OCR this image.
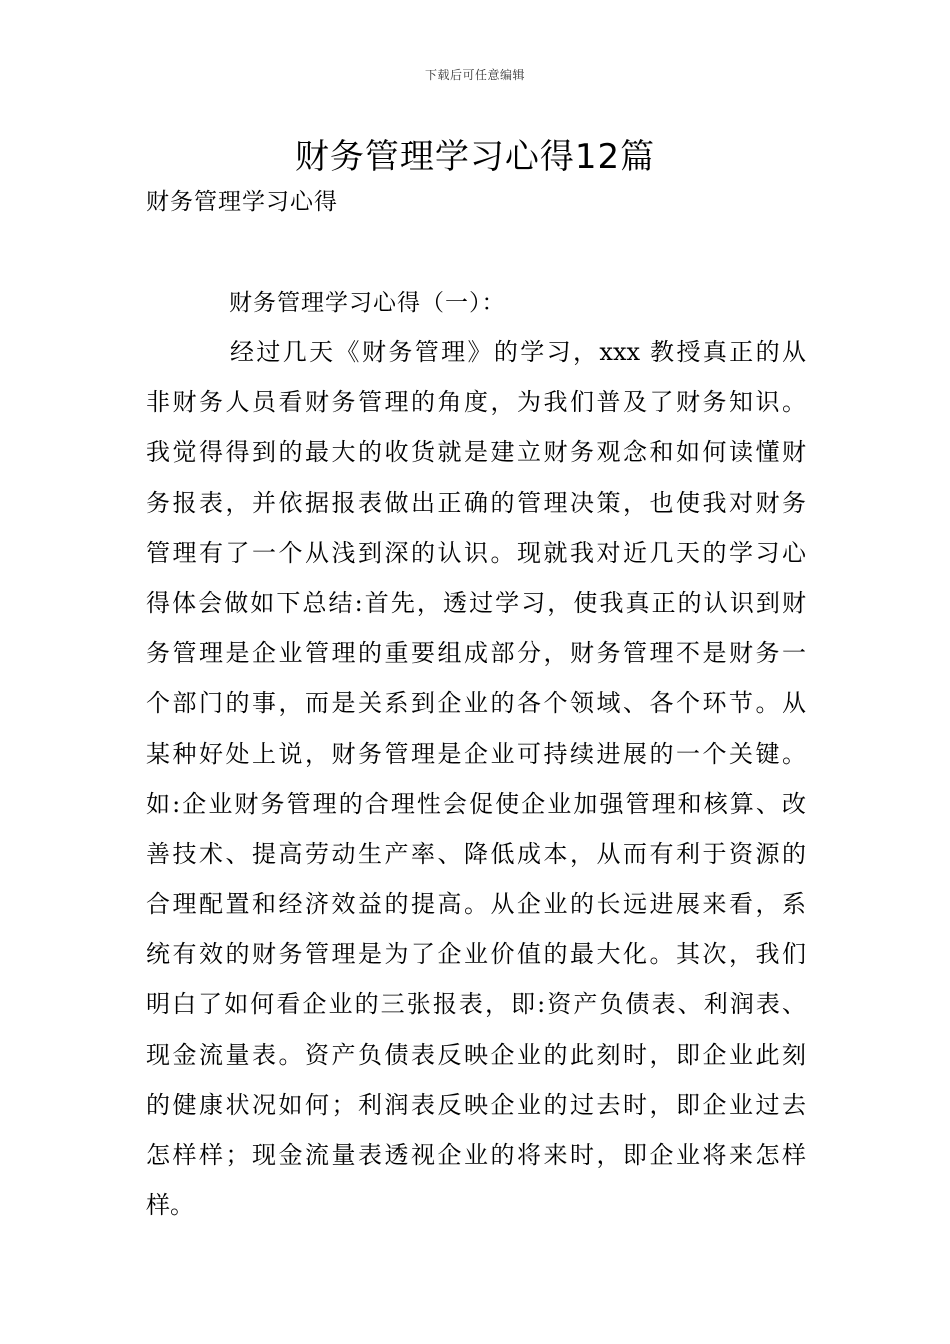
下载后可任意编辑
财务管理学习心得12篇
财务管理学习心得
财务管理学习心得（一）：
经过几天《财务管理》的学习，xxx 教授真正的从
非财务人员看财务管理的角度，为我们普及了财务知识。
我觉得得到的最大的收货就是建立财务观念和如何读懂财
务报表，并依据报表做出正确的管理决策，也使我对财务
管理有了一个从浅到深的认识。现就我对近几天的学习心
得体会做如下总结:首先，透过学习，使我真正的认识到财
务管理是企业管理的重要组成部分，财务管理不是财务一
个部门的事，而是关系到企业的各个领域、各个环节。从
某种好处上说，财务管理是企业可持续进展的一个关键。
如:企业财务管理的合理性会促使企业加强管理和核算、改
善技术、提高劳动生产率、降低成本，从而有利于资源的
合理配置和经济效益的提高。从企业的长远进展来看，系
统有效的财务管理是为了企业价值的最大化。其次，我们
明白了如何看企业的三张报表，即:资产负债表、利润表、
现金流量表。资产负债表反映企业的此刻时，即企业此刻
的健康状况如何；利润表反映企业的过去时，即企业过去
怎样样；现金流量表透视企业的将来时，即企业将来怎样
样。
